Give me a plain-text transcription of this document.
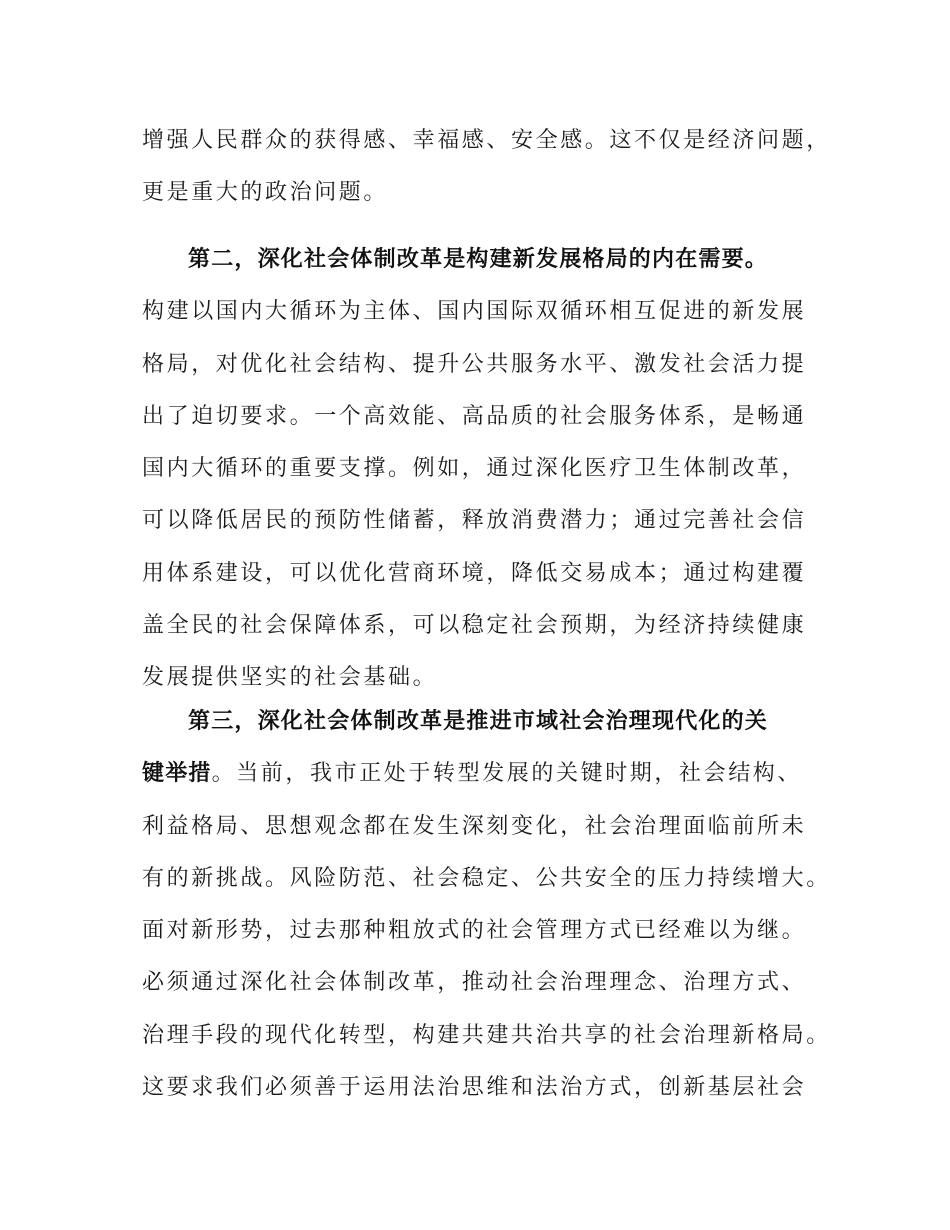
增强人民群众的获得感、幸福感、安全感。这不仅是经济问题，
更是重大的政治问题。
第二，深化社会体制改革是构建新发展格局的内在需要。
构建以国内大循环为主体、国内国际双循环相互促进的新发展
格局，对优化社会结构、提升公共服务水平、激发社会活力提
出了迫切要求。一个高效能、高品质的社会服务体系，是畅通
国内大循环的重要支撑。例如，通过深化医疗卫生体制改革，
可以降低居民的预防性储蓄，释放消费潜力；通过完善社会信
用体系建设，可以优化营商环境，降低交易成本；通过构建覆
盖全民的社会保障体系，可以稳定社会预期，为经济持续健康
发展提供坚实的社会基础。
第三，深化社会体制改革是推进市域社会治理现代化的关
键举措。当前，我市正处于转型发展的关键时期，社会结构、
利益格局、思想观念都在发生深刻变化，社会治理面临前所未
有的新挑战。风险防范、社会稳定、公共安全的压力持续增大。
面对新形势，过去那种粗放式的社会管理方式已经难以为继。
必须通过深化社会体制改革，推动社会治理理念、治理方式、
治理手段的现代化转型，构建共建共治共享的社会治理新格局。
这要求我们必须善于运用法治思维和法治方式，创新基层社会
